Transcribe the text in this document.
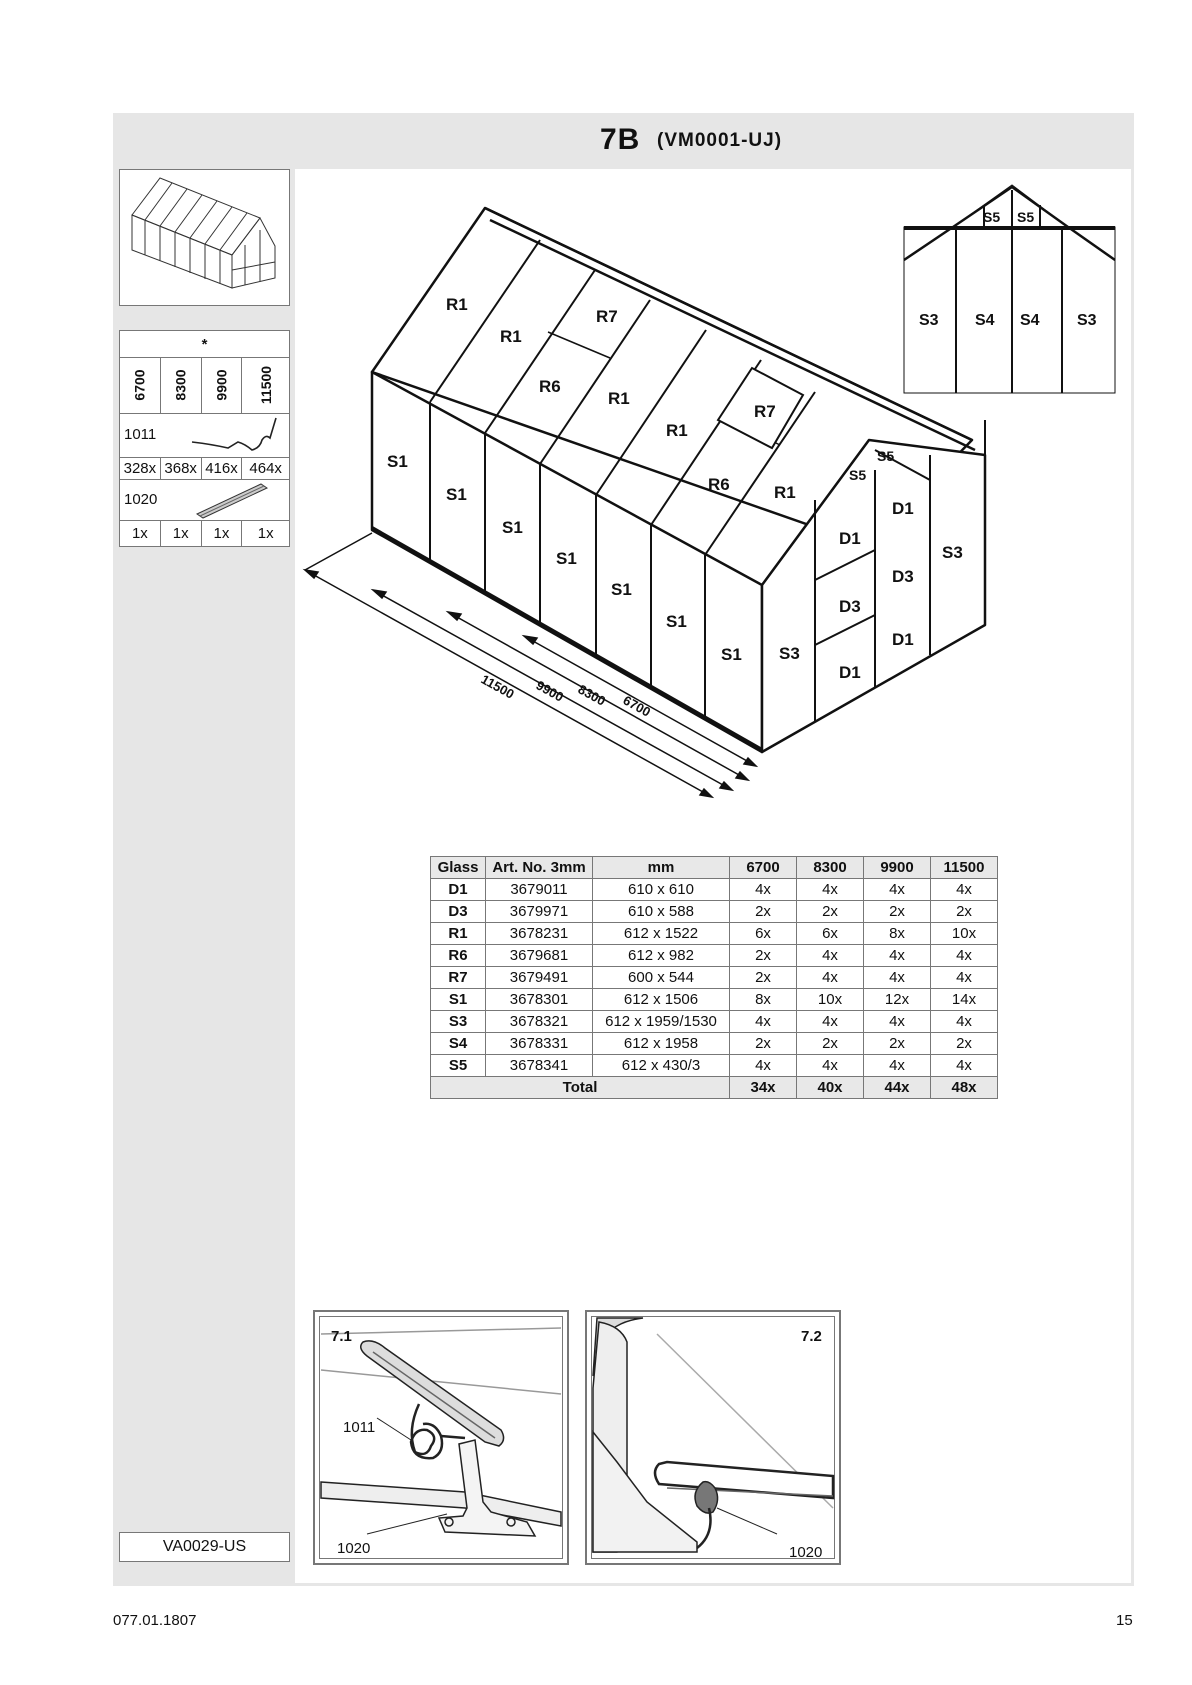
7B (VM0001-UJ)
*			
6700	8300	9900	11500

1011			

328x	368x	416x	464x

1020			

1x	1x	1x	1x
VA0029-US
11500 9900 8300 6700
R1
R1
R7
R6
R1
R1
R7
R6	R1
S1
S1
S1
S1
S1
S1
S1 S3
S3
S5
S5
D1
D1
D3
D3
D1
D1
S5 S5
S3 S4 S4 S3
Glass	Art. No. 3mm	mm	6700	8300	9900	11500
D1	3679011	610 x 610	4x	4x	4x	4x
D3	3679971	610 x 588	2x	2x	2x	2x
R1	3678231	612 x 1522	6x	6x	8x	10x
R6	3679681	612 x 982	2x	4x	4x	4x
R7	3679491	600 x 544	2x	4x	4x	4x
S1	3678301	612 x 1506	8x	10x	12x	14x
S3	3678321	612 x 1959/1530	4x	4x	4x	4x
S4	3678331	612 x 1958	2x	2x	2x	2x
S5	3678341	612 x 430/3	4x	4x	4x	4x
Total			34x	40x	44x	48x
7.1
1011
1020
7.2
1020
077.01.1807	15
